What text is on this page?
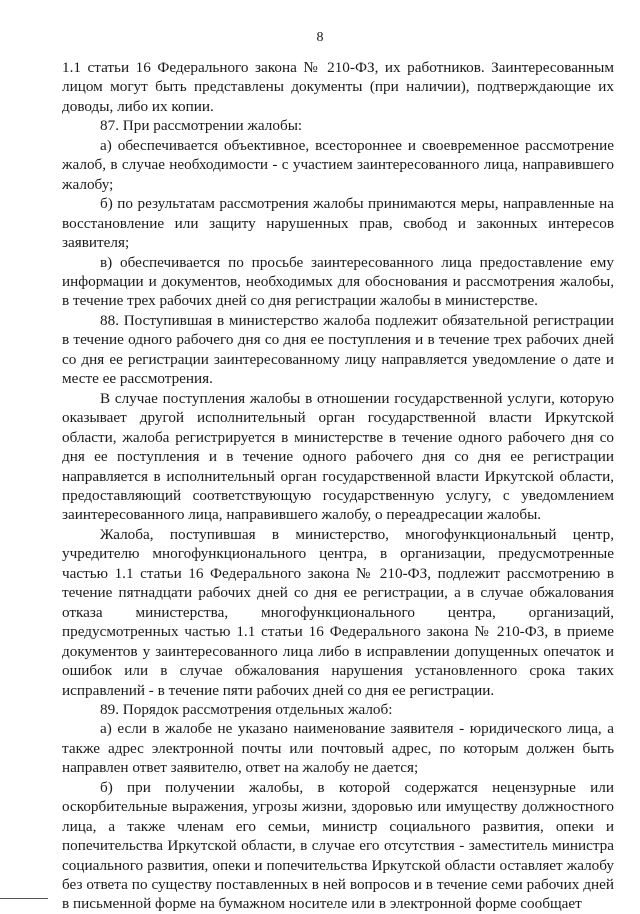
8

1.1 статьи 16 Федерального закона № 210-ФЗ, их работников. Заинтересованным лицом могут быть представлены документы (при наличии), подтверждающие их доводы, либо их копии.

87. При рассмотрении жалобы:

а) обеспечивается объективное, всестороннее и своевременное рассмотрение жалоб, в случае необходимости - с участием заинтересованного лица, направившего жалобу;

б) по результатам рассмотрения жалобы принимаются меры, направленные на восстановление или защиту нарушенных прав, свобод и законных интересов заявителя;

в) обеспечивается по просьбе заинтересованного лица предоставление ему информации и документов, необходимых для обоснования и рассмотрения жалобы, в течение трех рабочих дней со дня регистрации жалобы в министерстве.

88. Поступившая в министерство жалоба подлежит обязательной регистрации в течение одного рабочего дня со дня ее поступления и в течение трех рабочих дней со дня ее регистрации заинтересованному лицу направляется уведомление о дате и месте ее рассмотрения.

В случае поступления жалобы в отношении государственной услуги, которую оказывает другой исполнительный орган государственной власти Иркутской области, жалоба регистрируется в министерстве в течение одного рабочего дня со дня ее поступления и в течение одного рабочего дня со дня ее регистрации направляется в исполнительный орган государственной власти Иркутской области, предоставляющий соответствующую государственную услугу, с уведомлением заинтересованного лица, направившего жалобу, о переадресации жалобы.

Жалоба, поступившая в министерство, многофункциональный центр, учредителю многофункционального центра, в организации, предусмотренные частью 1.1 статьи 16 Федерального закона № 210-ФЗ, подлежит рассмотрению в течение пятнадцати рабочих дней со дня ее регистрации, а в случае обжалования отказа министерства, многофункционального центра, организаций, предусмотренных частью 1.1 статьи 16 Федерального закона № 210-ФЗ, в приеме документов у заинтересованного лица либо в исправлении допущенных опечаток и ошибок или в случае обжалования нарушения установленного срока таких исправлений - в течение пяти рабочих дней со дня ее регистрации.

89. Порядок рассмотрения отдельных жалоб:

а) если в жалобе не указано наименование заявителя - юридического лица, а также адрес электронной почты или почтовый адрес, по которым должен быть направлен ответ заявителю, ответ на жалобу не дается;

б) при получении жалобы, в которой содержатся нецензурные или оскорбительные выражения, угрозы жизни, здоровью или имуществу должностного лица, а также членам его семьи, министр социального развития, опеки и попечительства Иркутской области, в случае его отсутствия - заместитель министра социального развития, опеки и попечительства Иркутской области оставляет жалобу без ответа по существу поставленных в ней вопросов и в течение семи рабочих дней в письменной форме на бумажном носителе или в электронной форме сообщает
